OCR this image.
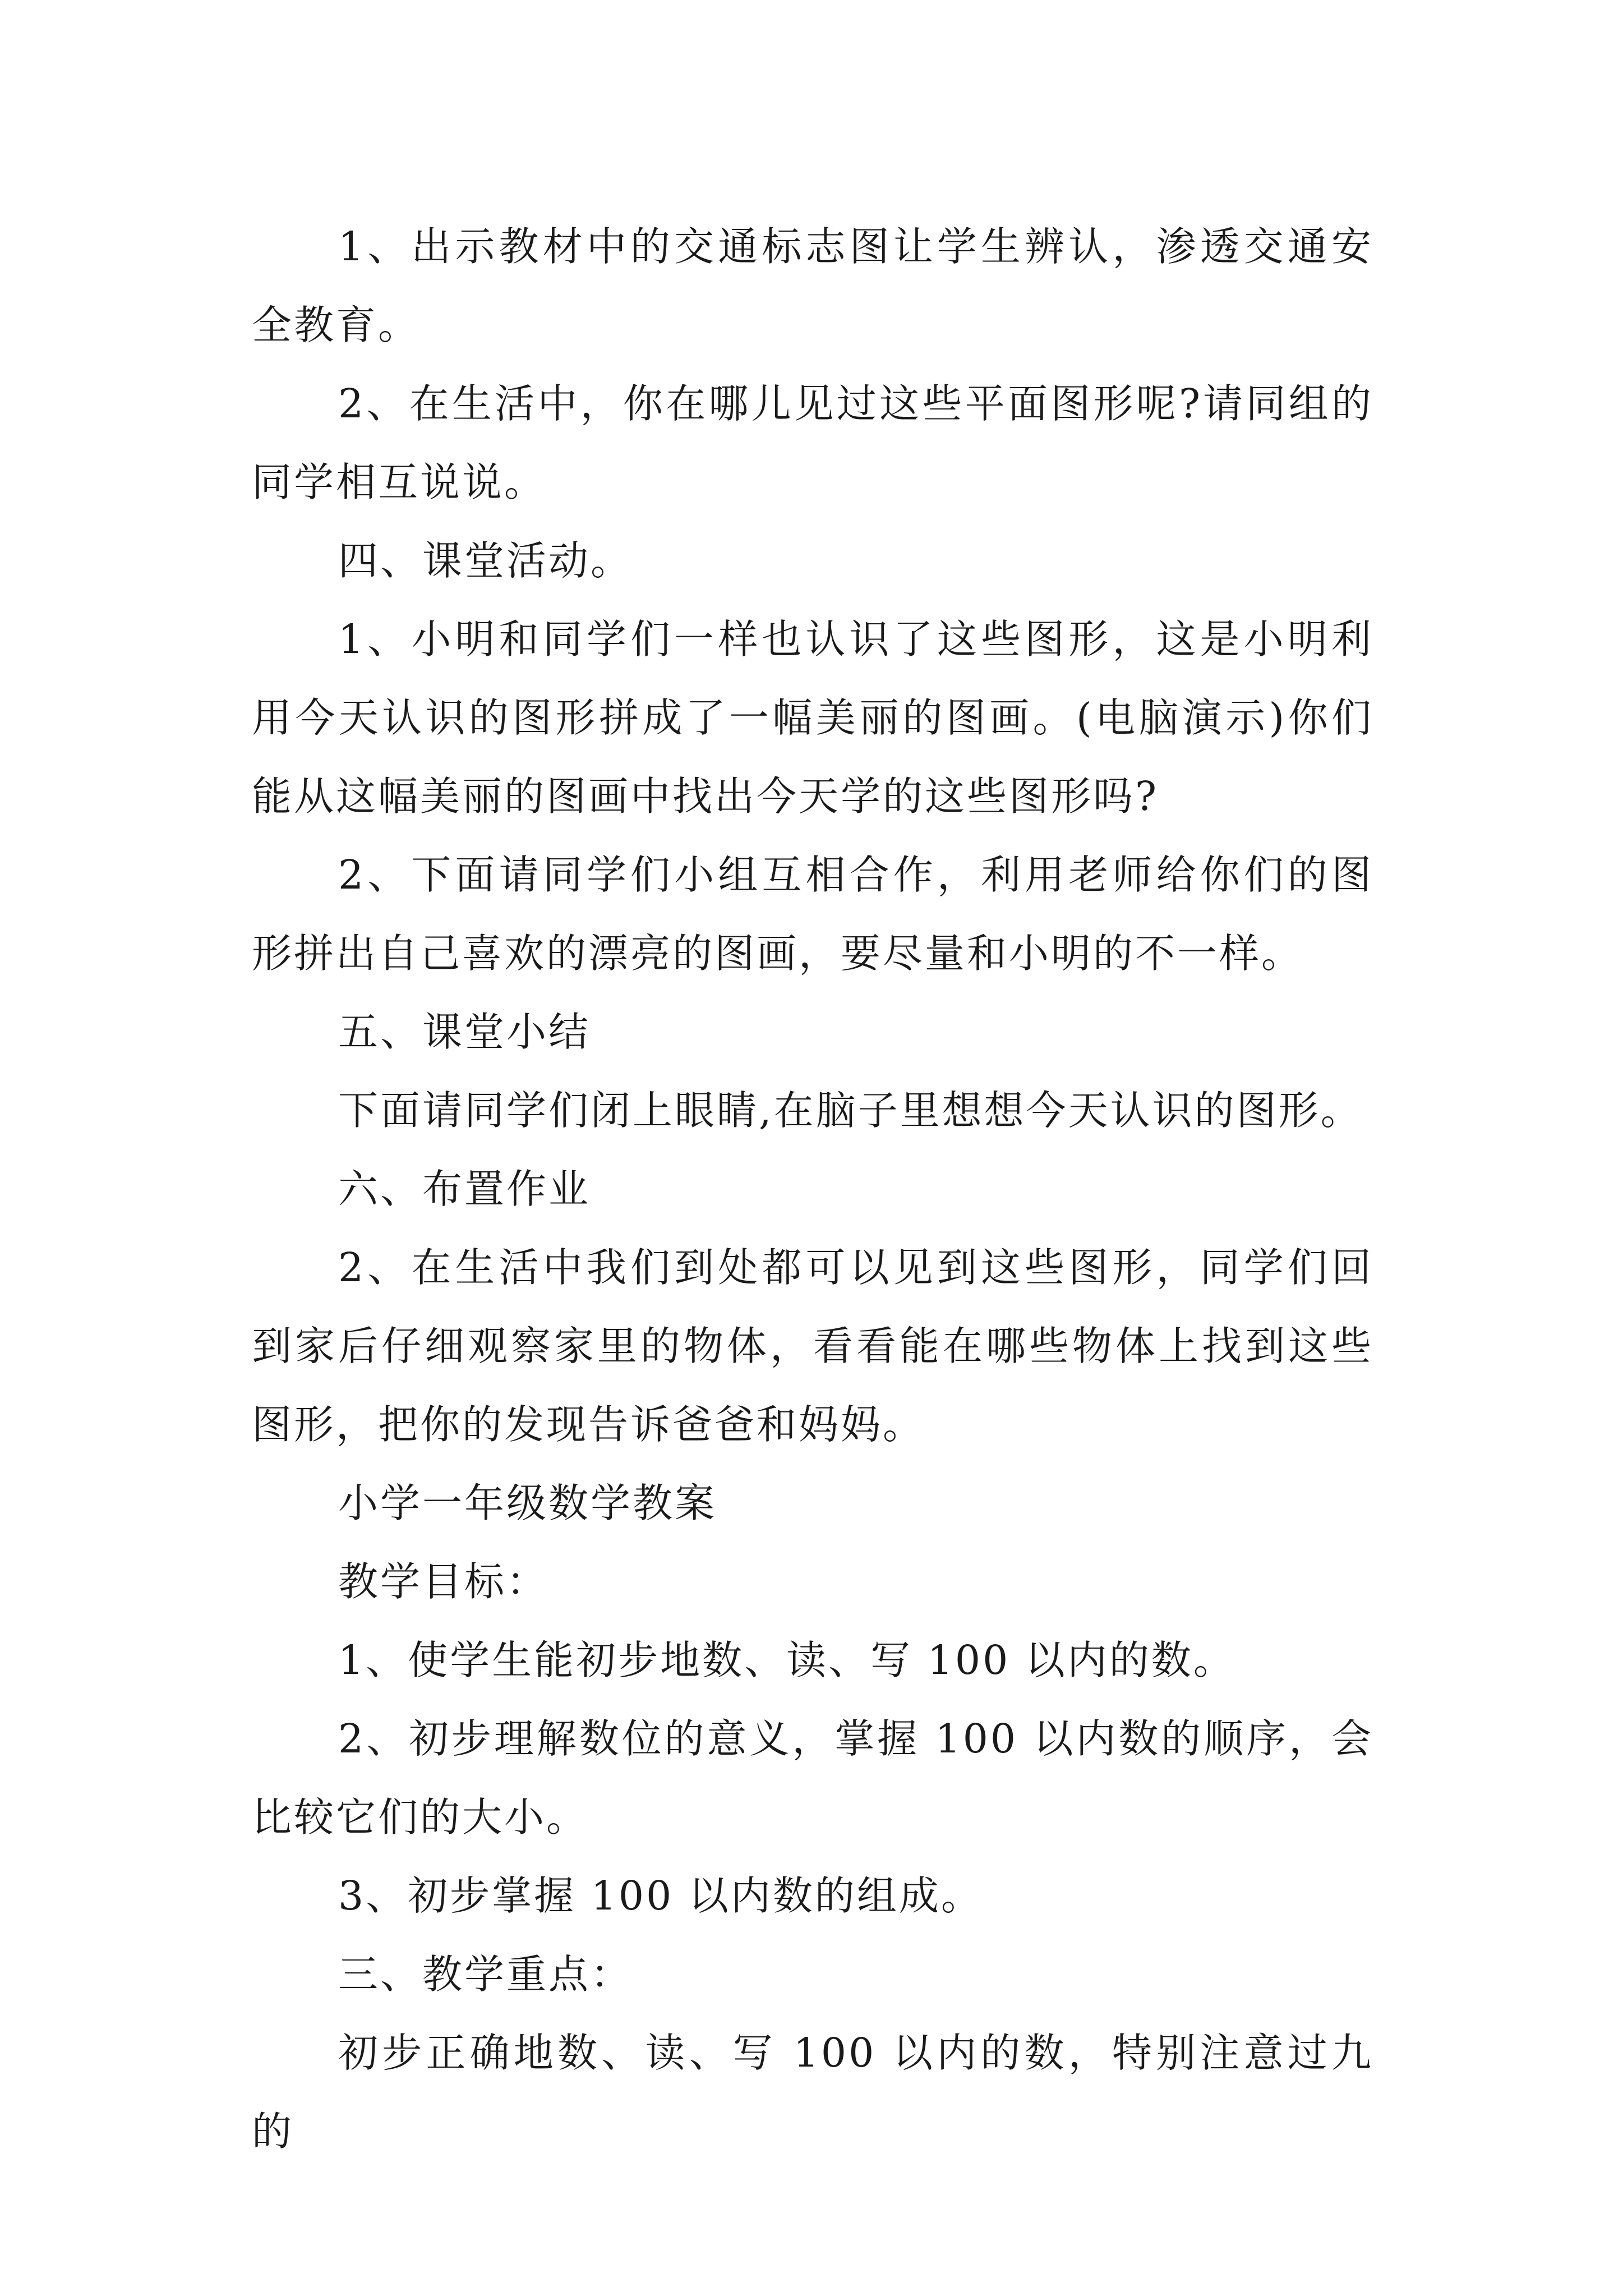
1、出示教材中的交通标志图让学生辨认，渗透交通安全教育。

2、在生活中，你在哪儿见过这些平面图形呢?请同组的同学相互说说。

四、课堂活动。

1、小明和同学们一样也认识了这些图形，这是小明利用今天认识的图形拼成了一幅美丽的图画。(电脑演示)你们能从这幅美丽的图画中找出今天学的这些图形吗?

2、下面请同学们小组互相合作，利用老师给你们的图形拼出自己喜欢的漂亮的图画，要尽量和小明的不一样。

五、课堂小结

下面请同学们闭上眼睛,在脑子里想想今天认识的图形。

六、布置作业

2、在生活中我们到处都可以见到这些图形，同学们回到家后仔细观察家里的物体，看看能在哪些物体上找到这些图形，把你的发现告诉爸爸和妈妈。

小学一年级数学教案

教学目标：

1、使学生能初步地数、读、写 100 以内的数。

2、初步理解数位的意义，掌握 100 以内数的顺序，会比较它们的大小。

3、初步掌握 100 以内数的组成。

三、教学重点：

初步正确地数、读、写 100 以内的数，特别注意过九的
